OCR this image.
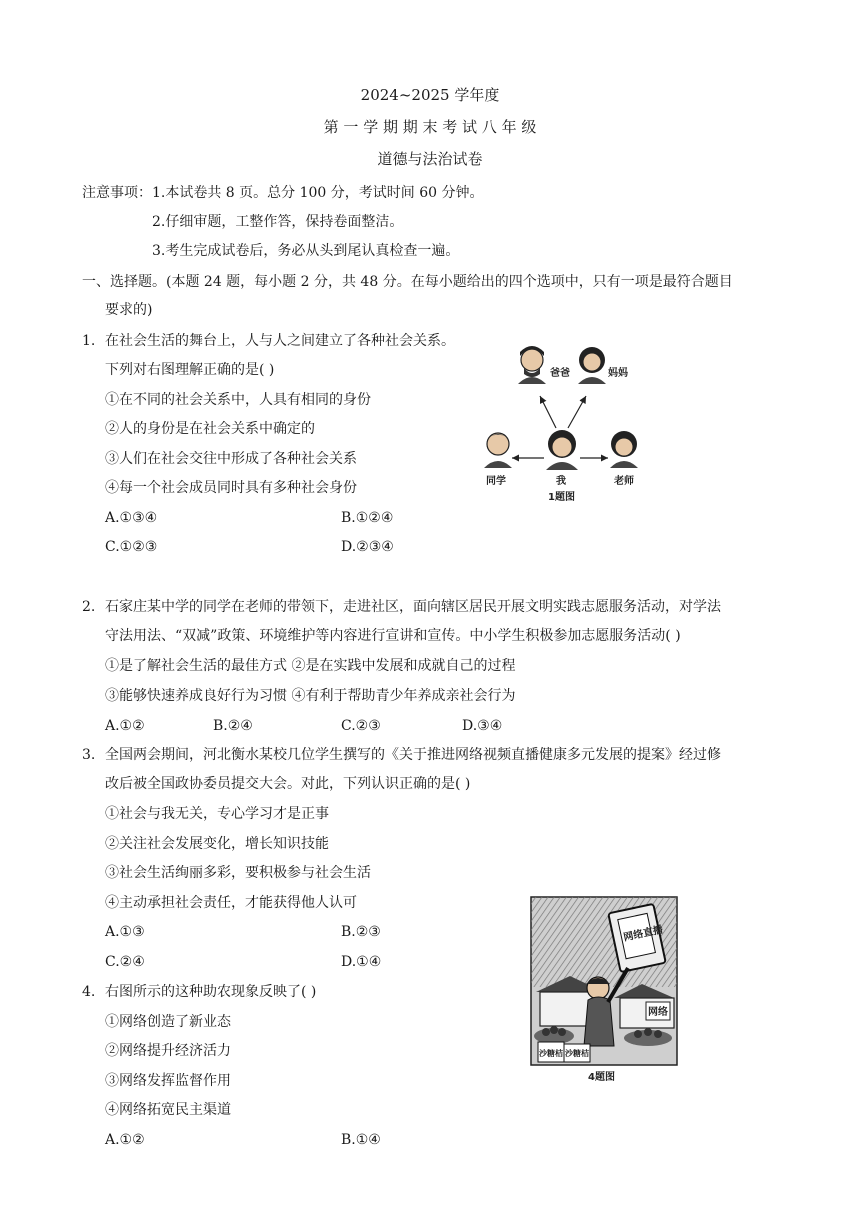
2024~2025 学年度
第 一 学 期 期 末 考 试 八 年 级
道德与法治试卷
注意事项： 1.本试卷共 8 页。总分 100 分，考试时间 60 分钟。
2.仔细审题，工整作答，保持卷面整洁。
3.考生完成试卷后，务必从头到尾认真检查一遍。
一、选择题。(本题 24 题，每小题 2 分，共 48 分。在每小题给出的四个选项中，只有一项是最符合题目
要求的)
1. 在社会生活的舞台上，人与人之间建立了各种社会关系。
下列对右图理解正确的是( )
①在不同的社会关系中，人具有相同的身份
②人的身份是在社会关系中确定的
③人们在社会交往中形成了各种社会关系
④每一个社会成员同时具有多种社会身份
A.①③④	B.①②④
C.①②③	D.②③④
爸爸	妈妈
同学	我	老师
1题图
2. 石家庄某中学的同学在老师的带领下，走进社区，面向辖区居民开展文明实践志愿服务活动，对学法
守法用法、“双减”政策、环境维护等内容进行宣讲和宣传。中小学生积极参加志愿服务活动( )
①是了解社会生活的最佳方式 ②是在实践中发展和成就自己的过程
③能够快速养成良好行为习惯 ④有利于帮助青少年养成亲社会行为
A.①②	B.②④	C.②③	D.③④
3. 全国两会期间，河北衡水某校几位学生撰写的《关于推进网络视频直播健康多元发展的提案》经过修
改后被全国政协委员提交大会。对此，下列认识正确的是( )
①社会与我无关，专心学习才是正事
②关注社会发展变化，增长知识技能
③社会生活绚丽多彩，要积极参与社会生活
④主动承担社会责任，才能获得他人认可
A.①③	B.②③
C.②④	D.①④
4. 右图所示的这种助农现象反映了( )
①网络创造了新业态
②网络提升经济活力
③网络发挥监督作用
④网络拓宽民主渠道
A.①②	B.①④
网络直播
网络
沙糖桔 沙糖桔
4题图
